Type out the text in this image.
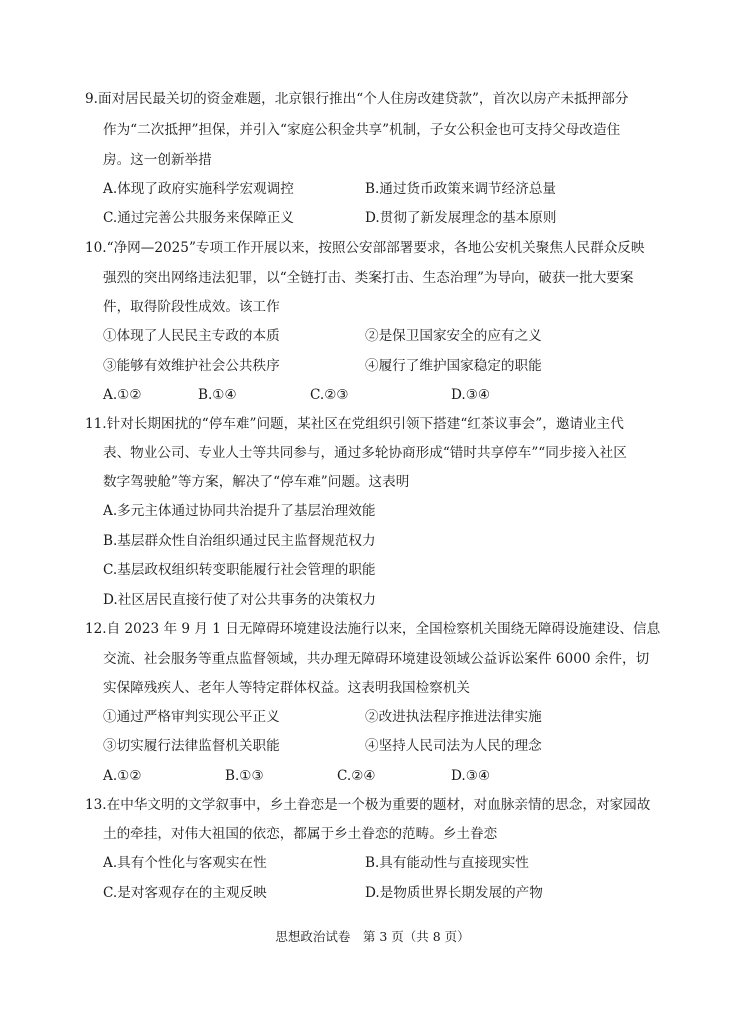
9.面对居民最关切的资金难题，北京银行推出“个人住房改建贷款”，首次以房产未抵押部分
作为“二次抵押”担保，并引入“家庭公积金共享”机制，子女公积金也可支持父母改造住
房。这一创新举措
A.体现了政府实施科学宏观调控	B.通过货币政策来调节经济总量
C.通过完善公共服务来保障正义	D.贯彻了新发展理念的基本原则
10.“净网—2025”专项工作开展以来，按照公安部部署要求，各地公安机关聚焦人民群众反映
强烈的突出网络违法犯罪，以“全链打击、类案打击、生态治理”为导向，破获一批大要案
件，取得阶段性成效。该工作
①体现了人民民主专政的本质	②是保卫国家安全的应有之义
③能够有效维护社会公共秩序	④履行了维护国家稳定的职能
A.①②	B.①④	C.②③	D.③④
11.针对长期困扰的“停车难”问题，某社区在党组织引领下搭建“红茶议事会”，邀请业主代
表、物业公司、专业人士等共同参与，通过多轮协商形成“错时共享停车”“同步接入社区
数字驾驶舱”等方案，解决了“停车难”问题。这表明
A.多元主体通过协同共治提升了基层治理效能
B.基层群众性自治组织通过民主监督规范权力
C.基层政权组织转变职能履行社会管理的职能
D.社区居民直接行使了对公共事务的决策权力
12.自 2023 年 9 月 1 日无障碍环境建设法施行以来，全国检察机关围绕无障碍设施建设、信息
交流、社会服务等重点监督领域，共办理无障碍环境建设领域公益诉讼案件 6000 余件，切
实保障残疾人、老年人等特定群体权益。这表明我国检察机关
①通过严格审判实现公平正义	②改进执法程序推进法律实施
③切实履行法律监督机关职能	④坚持人民司法为人民的理念
A.①②	B.①③	C.②④	D.③④
13.在中华文明的文学叙事中，乡土眷恋是一个极为重要的题材，对血脉亲情的思念，对家园故
土的牵挂，对伟大祖国的依恋，都属于乡土眷恋的范畴。乡土眷恋
A.具有个性化与客观实在性	B.具有能动性与直接现实性
C.是对客观存在的主观反映	D.是物质世界长期发展的产物
思想政治试卷　第 3 页（共 8 页）
